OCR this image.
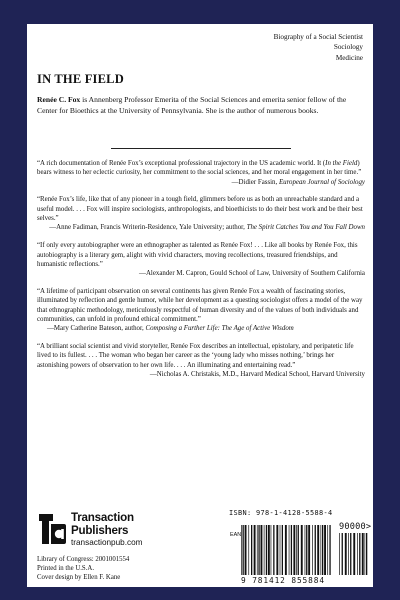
Biography of a Social Scientist
Sociology
Medicine
IN THE FIELD
Renée C. Fox is Annenberg Professor Emerita of the Social Sciences and emerita senior fellow of the Center for Bioethics at the University of Pennsylvania. She is the author of numerous books.

“A rich documentation of Renée Fox’s exceptional professional trajectory in the US academic world. It (In the Field) bears witness to her eclectic curiosity, her commitment to the social sciences, and her moral engagement in her time.”

—Didier Fassin, European Journal of Sociology

“Renée Fox’s life, like that of any pioneer in a tough field, glimmers before us as both an unreachable standard and a useful model. . . . Fox will inspire sociologists, anthropologists, and bioethicists to do their best work and be their best selves.”

—Anne Fadiman, Francis Writerin-Residence, Yale University; author, The Spirit Catches You and You Fall Down

“If only every autobiographer were an ethnographer as talented as Renée Fox! . . . Like all books by Renée Fox, this autobiography is a literary gem, alight with vivid characters, moving recollections, treasured friendships, and humanistic reflections.”

—Alexander M. Capron, Gould School of Law, University of Southern California

“A lifetime of participant observation on several continents has given Renée Fox a wealth of fascinating stories, illuminated by reflection and gentle humor, while her development as a questing sociologist offers a model of the way that ethnographic methodology, meticulously respectful of human diversity and of the values of both individuals and communities, can unfold in profound ethical commitment.”

—Mary Catherine Bateson, author, Composing a Further Life: The Age of Active Wisdom

“A brilliant social scientist and vivid storyteller, Renée Fox describes an intellectual, epistolary, and peripatetic life lived to its fullest. . . . The woman who began her career as the ‘young lady who misses nothing,’ brings her astonishing powers of observation to her own life. . . . An illuminating and entertaining read.”

—Nicholas A. Christakis, M.D., Harvard Medical School, Harvard University

Transaction
Publishers
transactionpub.com
Library of Congress: 2001001554
Printed in the U.S.A.
Cover design by Ellen F. Kane
ISBN: 978-1-4128-5588-4
EAN
90000>
9 781412 855884
